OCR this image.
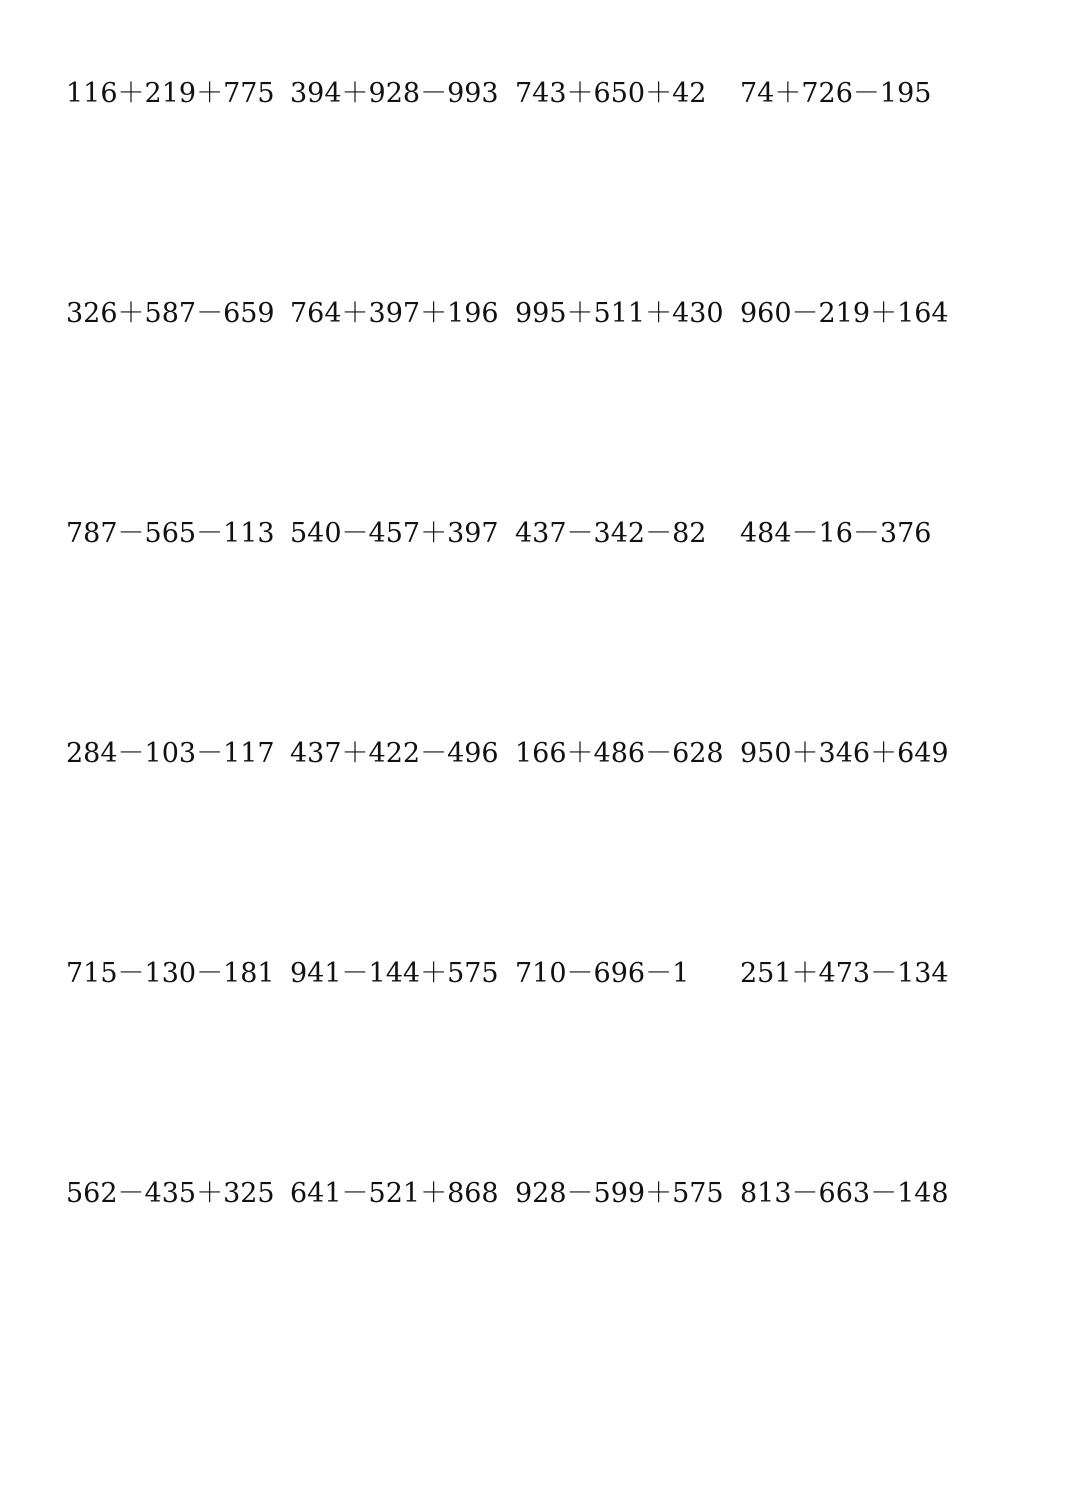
116＋219＋775 394＋928－993 743＋650＋42 74＋726－195
326＋587－659 764＋397＋196 995＋511＋430 960－219＋164
787－565－113 540－457＋397 437－342－82 484－16－376
284－103－117 437＋422－496 166＋486－628 950＋346＋649
715－130－181 941－144＋575 710－696－1 251＋473－134
562－435＋325 641－521＋868 928－599＋575 813－663－148
